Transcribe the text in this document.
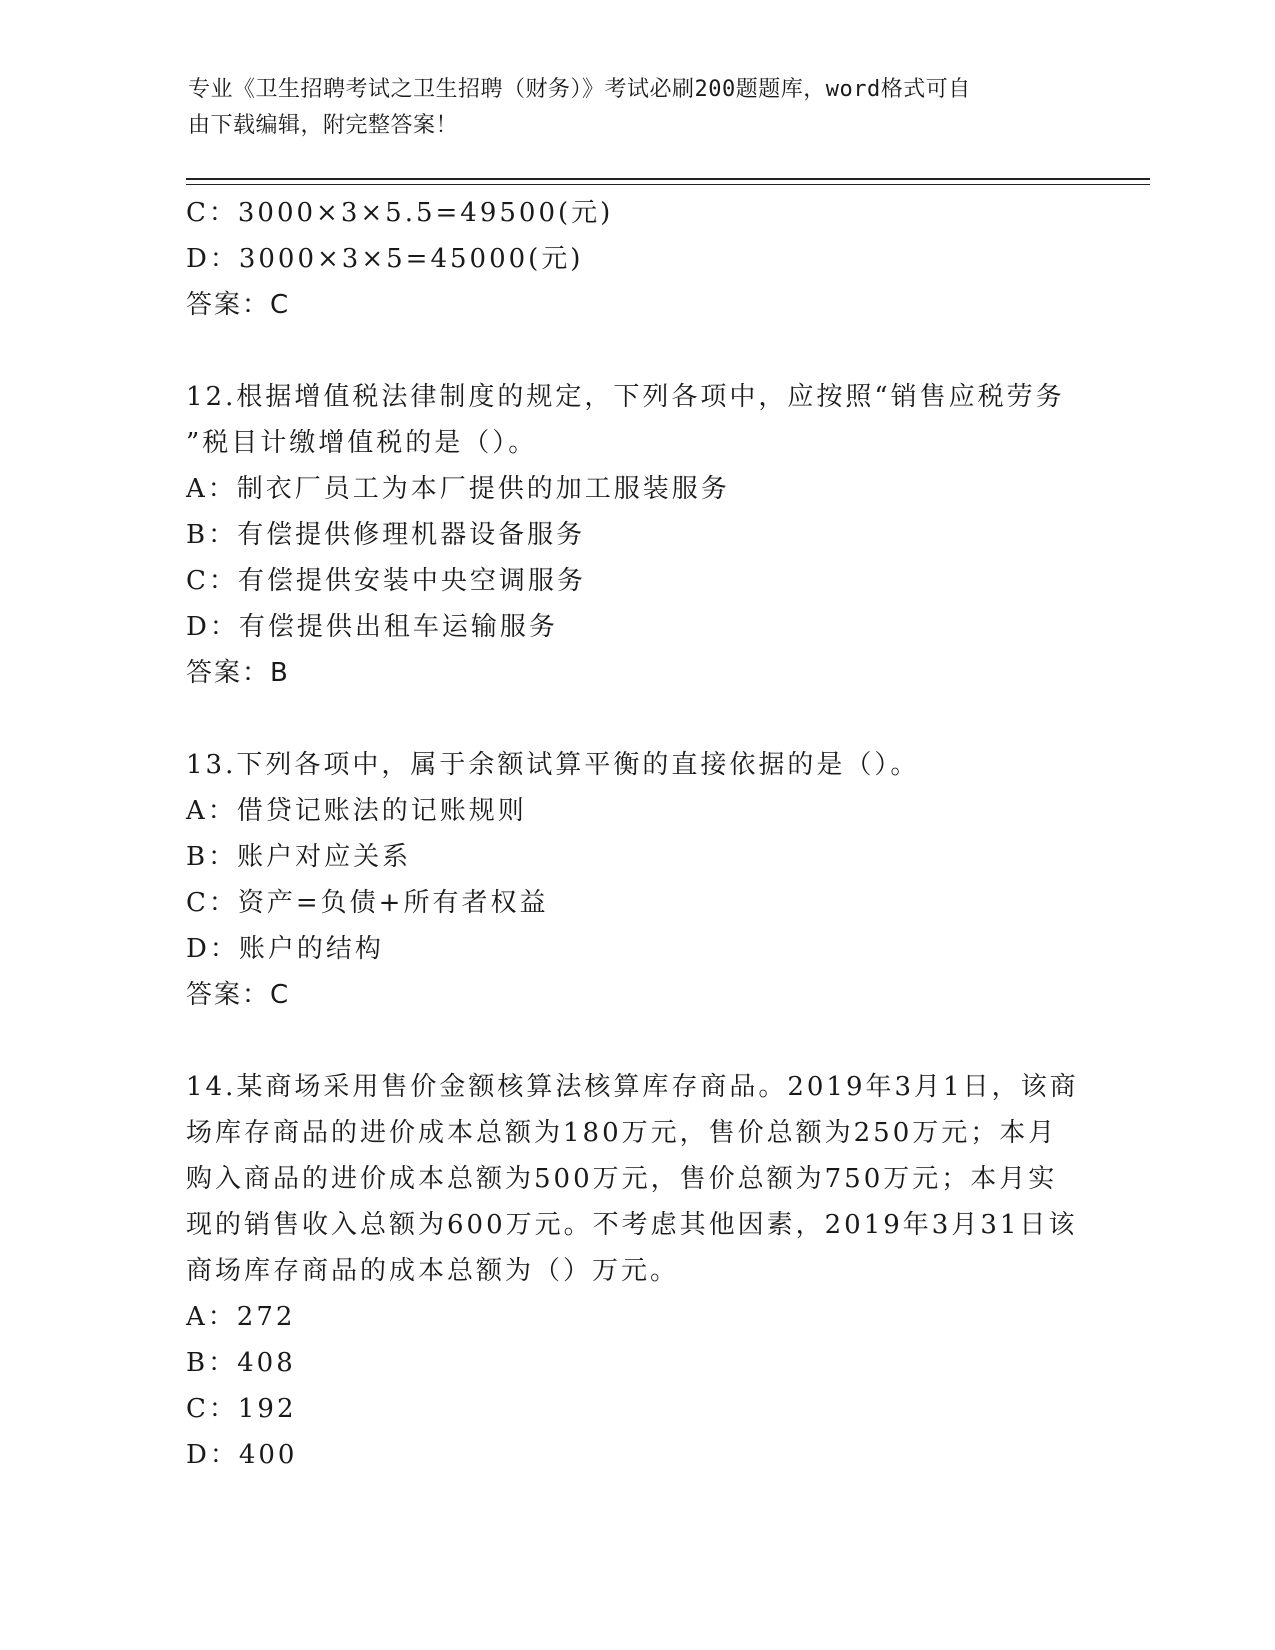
专业《卫生招聘考试之卫生招聘（财务）》考试必刷200题题库，word格式可自
由下载编辑，附完整答案！
C：3000×3×5.5=49500(元)
D：3000×3×5=45000(元)
答案：C
12.根据增值税法律制度的规定，下列各项中，应按照“销售应税劳务
”税目计缴增值税的是（）。
A：制衣厂员工为本厂提供的加工服装服务
B：有偿提供修理机器设备服务
C：有偿提供安装中央空调服务
D：有偿提供出租车运输服务
答案：B
13.下列各项中，属于余额试算平衡的直接依据的是（）。
A：借贷记账法的记账规则
B：账户对应关系
C：资产=负债+所有者权益
D：账户的结构
答案：C
14.某商场采用售价金额核算法核算库存商品。2019年3月1日，该商
场库存商品的进价成本总额为180万元，售价总额为250万元；本月
购入商品的进价成本总额为500万元，售价总额为750万元；本月实
现的销售收入总额为600万元。不考虑其他因素，2019年3月31日该
商场库存商品的成本总额为（）万元。
A：272
B：408
C：192
D：400
